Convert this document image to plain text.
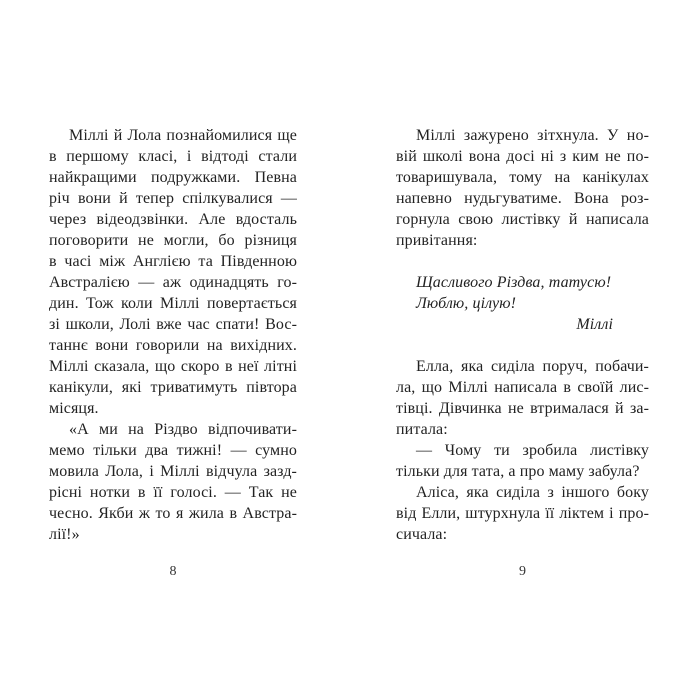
Міллі й Лола познайомилися ще
в першому класі, і відтоді стали
найкращими подружками. Певна
річ вони й тепер спілкувалися —
через відеодзвінки. Але вдосталь
поговорити не могли, бо різниця
в часі між Англією та Південною
Австралією — аж одинадцять го-
дин. Тож коли Міллі повертається
зі школи, Лолі вже час спати! Вос-
таннє вони говорили на вихідних.
Міллі сказала, що скоро в неї літні
канікули, які триватимуть півтора
місяця.
«А ми на Різдво відпочивати-
мемо тільки два тижні! — сумно
мовила Лола, і Міллі відчула зазд-
рісні нотки в її голосі. — Так не
чесно. Якби ж то я жила в Австра-
лії!»
8
Міллі зажурено зітхнула. У но-
вій школі вона досі ні з ким не по-
товаришувала, тому на канікулах
напевно нудьгуватиме. Вона роз-
горнула свою листівку й написала
привітання:
Щасливого Різдва, татусю!
Люблю, цілую!
Міллі
Елла, яка сиділа поруч, побачи-
ла, що Міллі написала в своїй лис-
тівці. Дівчинка не втрималася й за-
питала:
— Чому ти зробила листівку
тільки для тата, а про маму забула?
Аліса, яка сиділа з іншого боку
від Елли, штурхнула її ліктем і про-
сичала:
9
